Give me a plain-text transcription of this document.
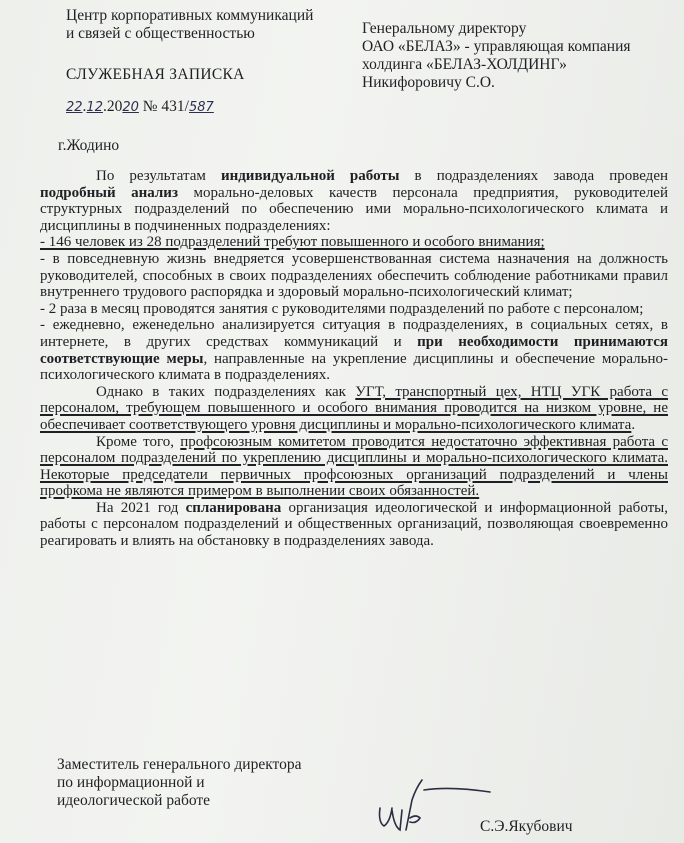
Центр корпоративных коммуникаций
и связей с общественностью	Генеральному директору
ОАО «БЕЛАЗ» - управляющая компания
холдинга «БЕЛАЗ-ХОЛДИНГ»
Никифоровичу С.О.
СЛУЖЕБНАЯ ЗАПИСКА
22.12.2020 № 431/587
г.Жодино

По результатам индивидуальной работы в подразделениях завода проведен подробный анализ морально-деловых качеств персонала предприятия, руководителей структурных подразделений по обеспечению ими морально-психологического климата и дисциплины в подчиненных подразделениях:

- 146 человек из 28 подразделений требуют повышенного и особого внимания;

- в повседневную жизнь внедряется усовершенствованная система назначения на должность руководителей, способных в своих подразделениях обеспечить соблюдение работниками правил внутреннего трудового распорядка и здоровый морально-психологический климат;

- 2 раза в месяц проводятся занятия с руководителями подразделений по работе с персоналом;

- ежедневно, еженедельно анализируется ситуация в подразделениях, в социальных сетях, в интернете, в других средствах коммуникаций и при необходимости принимаются соответствующие меры, направленные на укрепление дисциплины и обеспечение морально-психологического климата в подразделениях.

Однако в таких подразделениях как УГТ, транспортный цех, НТЦ УГК работа с персоналом, требующем повышенного и особого внимания проводится на низком уровне, не обеспечивает соответствующего уровня дисциплины и морально-психологического климата.

Кроме того, профсоюзным комитетом проводится недостаточно эффективная работа с персоналом подразделений по укреплению дисциплины и морально-психологического климата. Некоторые председатели первичных профсоюзных организаций подразделений и члены профкома не являются примером в выполнении своих обязанностей.

На 2021 год спланирована организация идеологической и информационной работы, работы с персоналом подразделений и общественных организаций, позволяющая своевременно реагировать и влиять на обстановку в подразделениях завода.

Заместитель генерального директора
по информационной и
идеологической работе
С.Э.Якубович
